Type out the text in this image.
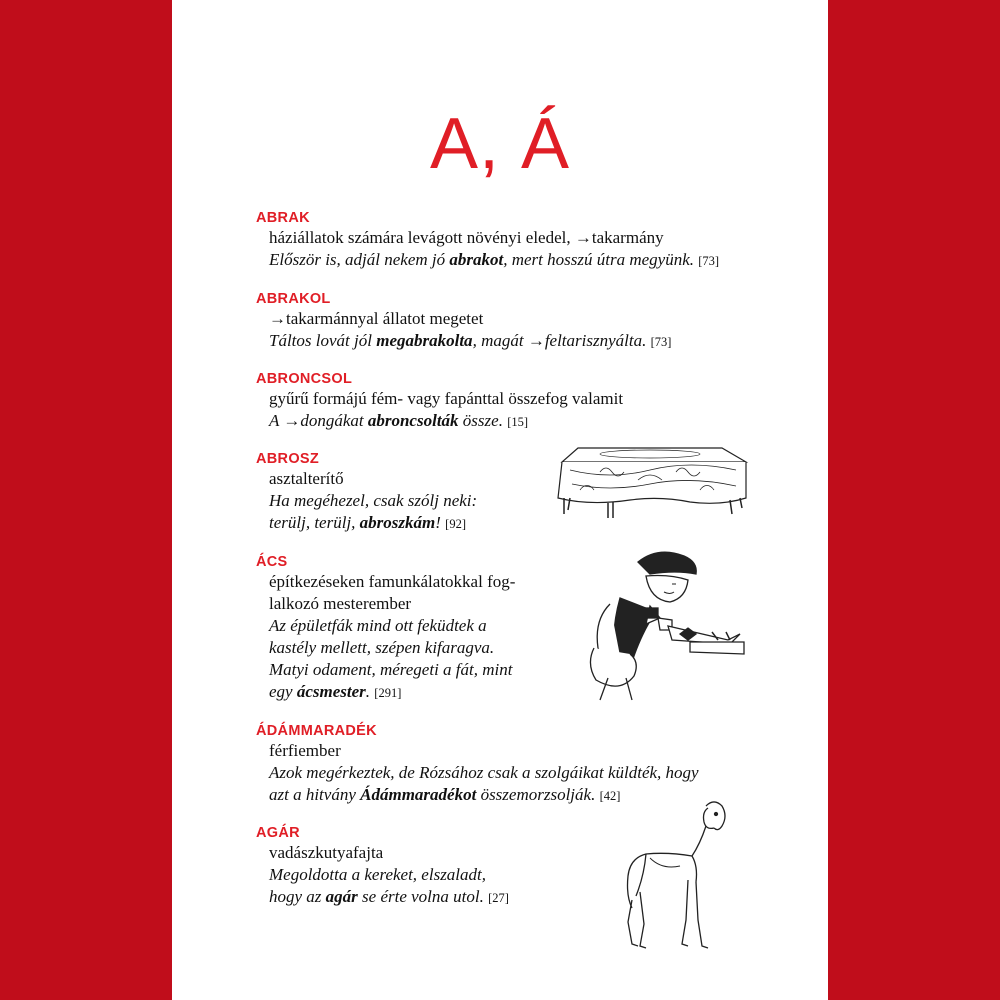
A, Á
ABRAK
háziállatok számára levágott növényi eledel, →takarmány
Először is, adjál nekem jó abrakot, mert hosszú útra megyünk. [73]
ABRAKOL
→takarmánnyal állatot megetet
Táltos lovát jól megabrakolta, magát →feltarisznyálta. [73]
ABRONCSOL
gyűrű formájú fém- vagy fapánttal összefog valamit
A →dongákat abroncsolták össze. [15]
ABROSZ
asztalterítő
Ha megéhezel, csak szólj neki:
terülj, terülj, abroszkám! [92]
ÁCS
építkezéseken famunkálatokkal fog-
lalkozó mesterember
Az épületfák mind ott feküdtek a
kastély mellett, szépen kifaragva.
Matyi odament, méregeti a fát, mint
egy ácsmester. [291]
ÁDÁMMARADÉK
férfiember
Azok megérkeztek, de Rózsához csak a szolgáikat küldték, hogy
azt a hitvány Ádámmaradékot összemorzsolják. [42]
AGÁR
vadászkutyafajta
Megoldotta a kereket, elszaladt,
hogy az agár se érte volna utol. [27]
